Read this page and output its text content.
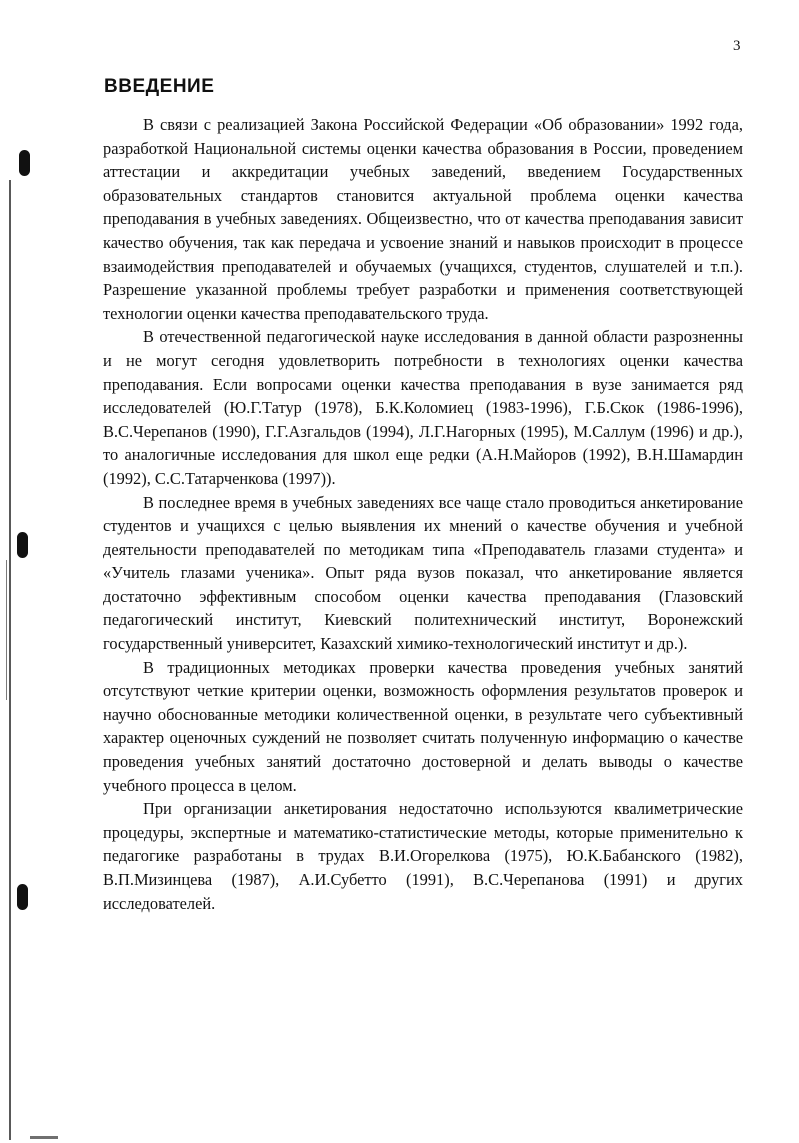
3
ВВЕДЕНИЕ

В связи с реализацией Закона Российской Федерации «Об образовании» 1992 года, разработкой Национальной системы оценки качества образования в России, проведением аттестации и аккредитации учебных заведений, введением Государственных образовательных стандартов становится актуальной проблема оценки качества преподавания в учебных заведениях. Общеизвестно, что от качества преподавания зависит качество обучения, так как передача и усвоение знаний и навыков происходит в процессе взаимодействия преподавателей и обучаемых (учащихся, студентов, слушателей и т.п.). Разрешение указанной проблемы требует разработки и применения соответствующей технологии оценки качества преподавательского труда.

В отечественной педагогической науке исследования в данной области разрозненны и не могут сегодня удовлетворить потребности в технологиях оценки качества преподавания. Если вопросами оценки качества преподавания в вузе занимается ряд исследователей (Ю.Г.Татур (1978), Б.К.Коломиец (1983-1996), Г.Б.Скок (1986-1996), В.С.Черепанов (1990), Г.Г.Азгальдов (1994), Л.Г.Нагорных (1995), М.Саллум (1996) и др.), то аналогичные исследования для школ еще редки (А.Н.Майоров (1992), В.Н.Шамардин (1992), С.С.Татарченкова (1997)).

В последнее время в учебных заведениях все чаще стало проводиться анкетирование студентов и учащихся с целью выявления их мнений о качестве обучения и учебной деятельности преподавателей по методикам типа «Преподаватель глазами студента» и «Учитель глазами ученика». Опыт ряда вузов показал, что анкетирование является достаточно эффективным способом оценки качества преподавания (Глазовский педагогический институт, Киевский политехнический институт, Воронежский государственный университет, Казахский химико-технологический институт и др.).

В традиционных методиках проверки качества проведения учебных занятий отсутствуют четкие критерии оценки, возможность оформления результатов проверок и научно обоснованные методики количественной оценки, в результате чего субъективный характер оценочных суждений не позволяет считать полученную информацию о качестве проведения учебных занятий достаточно достоверной и делать выводы о качестве учебного процесса в целом.

При организации анкетирования недостаточно используются квалиметрические процедуры, экспертные и математико-статистические методы, которые применительно к педагогике разработаны в трудах В.И.Огорелкова (1975), Ю.К.Бабанского (1982), В.П.Мизинцева (1987), А.И.Субетто (1991), В.С.Черепанова (1991) и других исследователей.
